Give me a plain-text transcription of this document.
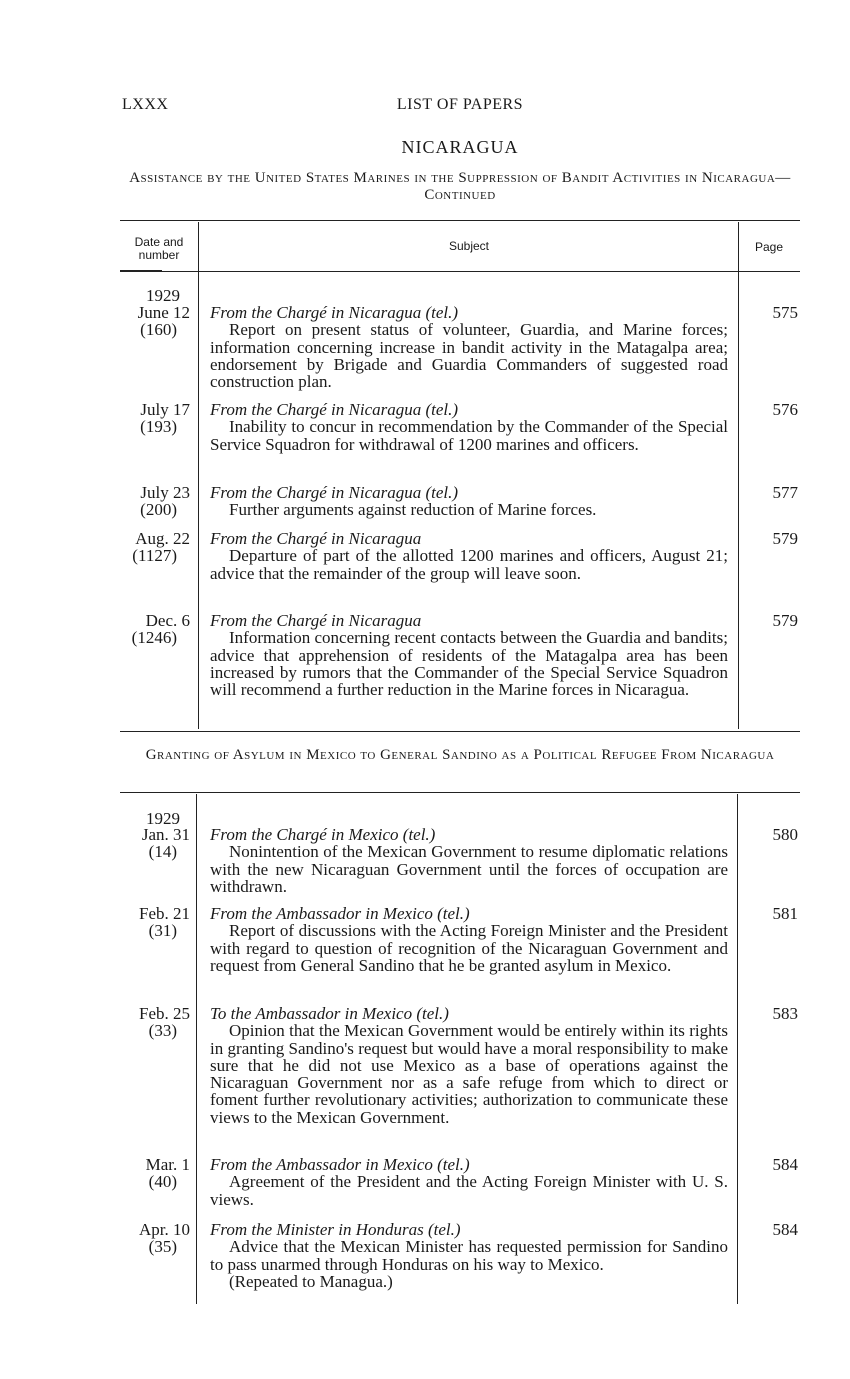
LXXX	LIST OF PAPERS
NICARAGUA
Assistance by the United States Marines in the Suppression of Bandit Activities in Nicaragua—Continued
Date and number
Subject	Page
1929
June 12
(160)
From the Chargé in Nicaragua (tel.)
Report on present status of volunteer, Guardia, and Marine forces; information concerning increase in bandit activity in the Matagalpa area; endorsement by Brigade and Guardia Commanders of suggested road construction plan.
575
July 17
(193)
From the Chargé in Nicaragua (tel.)
Inability to concur in recommendation by the Commander of the Special Service Squadron for withdrawal of 1200 marines and officers.
576
July 23
(200)
From the Chargé in Nicaragua (tel.)
Further arguments against reduction of Marine forces.
577
Aug. 22
(1127)
From the Chargé in Nicaragua
Departure of part of the allotted 1200 marines and officers, August 21; advice that the remainder of the group will leave soon.
579
Dec. 6
(1246)
From the Chargé in Nicaragua
Information concerning recent contacts between the Guardia and bandits; advice that apprehension of residents of the Matagalpa area has been increased by rumors that the Commander of the Special Service Squadron will recommend a further reduction in the Marine forces in Nicaragua.
579
Granting of Asylum in Mexico to General Sandino as a Political Refugee From Nicaragua
1929
Jan. 31
(14)
From the Chargé in Mexico (tel.)
Nonintention of the Mexican Government to resume diplomatic relations with the new Nicaraguan Government until the forces of occupation are withdrawn.
580
Feb. 21
(31)
From the Ambassador in Mexico (tel.)
Report of discussions with the Acting Foreign Minister and the President with regard to question of recognition of the Nicaraguan Government and request from General Sandino that he be granted asylum in Mexico.
581
Feb. 25
(33)
To the Ambassador in Mexico (tel.)
Opinion that the Mexican Government would be entirely within its rights in granting Sandino's request but would have a moral responsibility to make sure that he did not use Mexico as a base of operations against the Nicaraguan Government nor as a safe refuge from which to direct or foment further revolutionary activities; authorization to communicate these views to the Mexican Government.
583
Mar. 1
(40)
From the Ambassador in Mexico (tel.)
Agreement of the President and the Acting Foreign Minister with U. S. views.
584
Apr. 10
(35)
From the Minister in Honduras (tel.)
Advice that the Mexican Minister has requested permission for Sandino to pass unarmed through Honduras on his way to Mexico.
(Repeated to Managua.)
584
